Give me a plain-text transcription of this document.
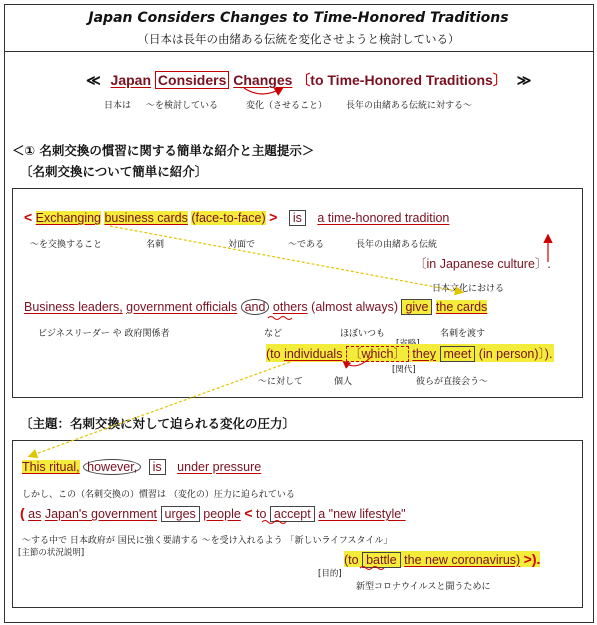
Japan Considers Changes to Time-Honored Traditions
（日本は長年の由緒ある伝統を変化させようと検討している）
≪ Japan Considers Changes 〔to Time-Honored Traditions〕 ≫
日本は ～を検討している	変化（させること） 長年の由緒ある伝統に対する～
＜① 名刺交換の慣習に関する簡単な紹介と主題提示＞
〔名刺交換について簡単に紹介〕
< Exchanging business cards (face-to-face) > is a time-honored tradition
～を交換すること	名刺	対面で	～である	長年の由緒ある伝統
〔in Japanese culture〕.
日本文化における
Business leaders, government officials and others (almost always) give the cards
ビジネスリーダー や 政府関係者	など	ほぼいつも	名刺を渡す
(to individuals 〔which〕 they meet (in person)〕).
[関代]
～に対して	個人	彼らが直接会う～
〔主題：名刺交換に対して迫られる変化の圧力〕
This ritual, however, is under pressure
しかし、この（名刺交換の）慣習は （変化の）圧力に迫られている
( as Japan's government urges people < to accept a "new lifestyle"
～する中で 日本政府が 国民に強く要請する ～を受け入れるよう 「新しいライフスタイル」
[主節の状況説明]	(to battle the new coronavirus) >).
[目的]
新型コロナウイルスと闘うために
